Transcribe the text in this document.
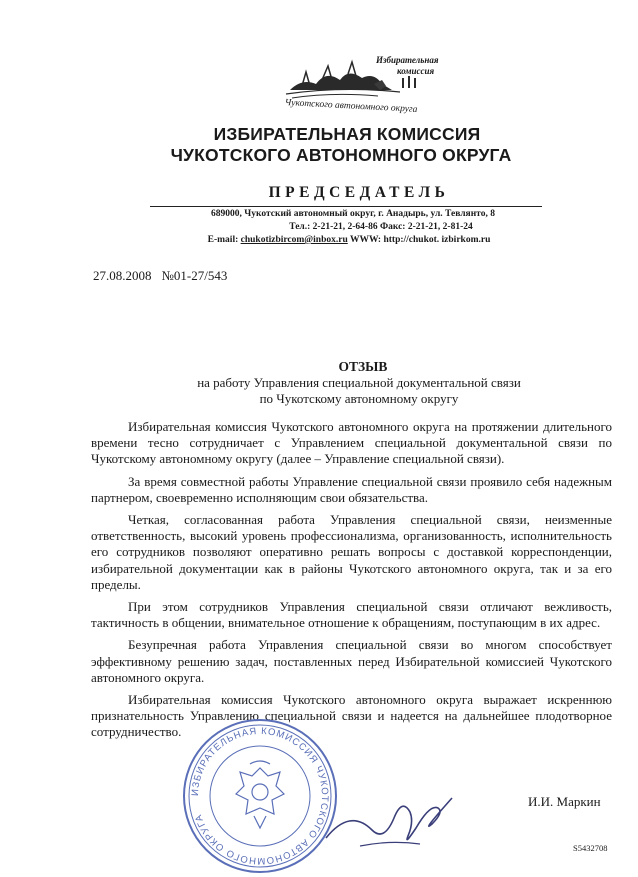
Избирательная
комиссия
Чукотского автономного округа
ИЗБИРАТЕЛЬНАЯ КОМИССИЯ
ЧУКОТСКОГО АВТОНОМНОГО ОКРУГА
ПРЕДСЕДАТЕЛЬ
689000, Чукотский автономный округ, г. Анадырь, ул. Тевлянто, 8
Тел.: 2-21-21, 2-64-86 Факс: 2-21-21, 2-81-24
E-mail: chukotizbircom@inbox.ru WWW: http://chukot. izbirkom.ru
27.08.2008 №01-27/543
ОТЗЫВ
на работу Управления специальной документальной связи
по Чукотскому автономному округу

Избирательная комиссия Чукотского автономного округа на протяжении длительного времени тесно сотрудничает с Управлением специальной документальной связи по Чукотскому автономному округу (далее – Управление специальной связи).

За время совместной работы Управление специальной связи проявило себя надежным партнером, своевременно исполняющим свои обязательства.

Четкая, согласованная работа Управления специальной связи, неизменные ответственность, высокий уровень профессионализма, организованность, исполнительность его сотрудников позволяют оперативно решать вопросы с доставкой корреспонденции, избирательной документации как в районы Чукотского автономного округа, так и за его пределы.

При этом сотрудников Управления специальной связи отличают вежливость, тактичность в общении, внимательное отношение к обращениям, поступающим в их адрес.

Безупречная работа Управления специальной связи во многом способствует эффективному решению задач, поставленных перед Избирательной комиссией Чукотского автономного округа.

Избирательная комиссия Чукотского автономного округа выражает искреннюю признательность Управлению специальной связи и надеется на дальнейшее плодотворное сотрудничество.

ИЗБИРАТЕЛЬНАЯ КОМИССИЯ ЧУКОТСКОГО АВТОНОМНОГО ОКРУГА
И.И. Маркин
S5432708
